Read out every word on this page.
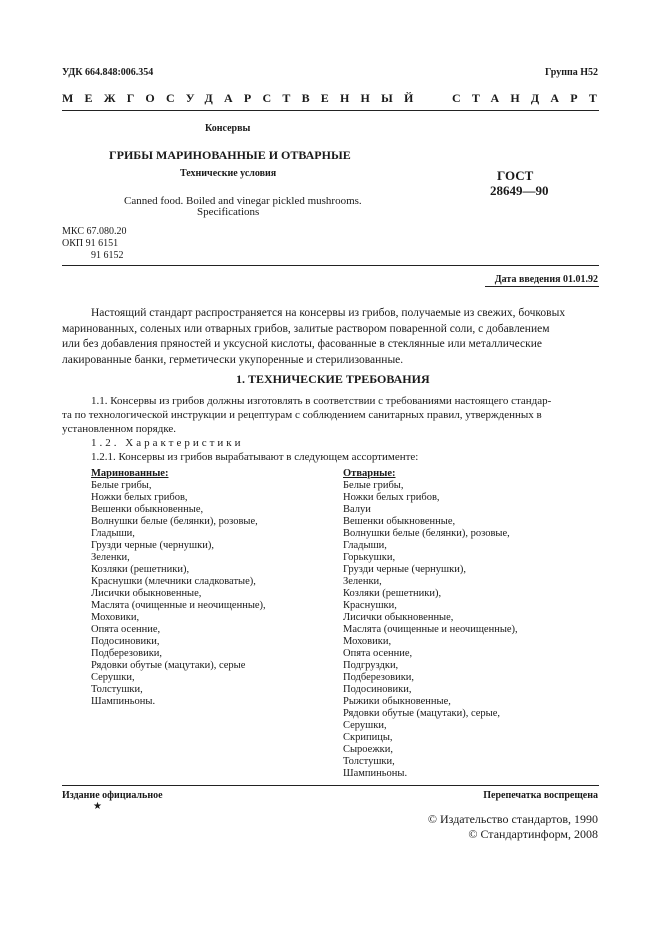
УДК 664.848:006.354	Группа Н52
МЕЖГОСУДАРСТВЕННЫЙ СТАНДАРТ
Консервы
ГРИБЫ МАРИНОВАННЫЕ И ОТВАРНЫЕ
Технические условия
Canned food. Boiled and vinegar pickled mushrooms.
Specifications
ГОСТ
28649—90
МКС 67.080.20
ОКП 91 6151
91 6152
Дата введения 01.01.92
Настоящий стандарт распространяется на консервы из грибов, получаемые из свежих, бочковых
маринованных, соленых или отварных грибов, залитые раствором поваренной соли, с добавлением
или без добавления пряностей и уксусной кислоты, фасованные в стеклянные или металлические
лакированные банки, герметически укупоренные и стерилизованные.
1. ТЕХНИЧЕСКИЕ ТРЕБОВАНИЯ
1.1. Консервы из грибов должны изготовлять в соответствии с требованиями настоящего стандар-
та по технологической инструкции и рецептурам с соблюдением санитарных правил, утвержденных в
установленном порядке.
1.2. Характеристики
1.2.1. Консервы из грибов вырабатывают в следующем ассортименте:
Маринованные:
Белые грибы,
Ножки белых грибов,
Вешенки обыкновенные,
Волнушки белые (белянки), розовые,
Гладыши,
Грузди черные (чернушки),
Зеленки,
Козляки (решетники),
Краснушки (млечники сладковатые),
Лисички обыкновенные,
Маслята (очищенные и неочищенные),
Моховики,
Опята осенние,
Подосиновики,
Подберезовики,
Рядовки обутые (мацутаки), серые
Серушки,
Толстушки,
Шампиньоны.
Отварные:
Белые грибы,
Ножки белых грибов,
Валуи
Вешенки обыкновенные,
Волнушки белые (белянки), розовые,
Гладыши,
Горькушки,
Грузди черные (чернушки),
Зеленки,
Козляки (решетники),
Краснушки,
Лисички обыкновенные,
Маслята (очищенные и неочищенные),
Моховики,
Опята осенние,
Подгруздки,
Подберезовики,
Подосиновики,
Рыжики обыкновенные,
Рядовки обутые (мацутаки), серые,
Серушки,
Скрипицы,
Сыроежки,
Толстушки,
Шампиньоны.
Издание официальное
★
Перепечатка воспрещена
© Издательство стандартов, 1990
© Стандартинформ, 2008
